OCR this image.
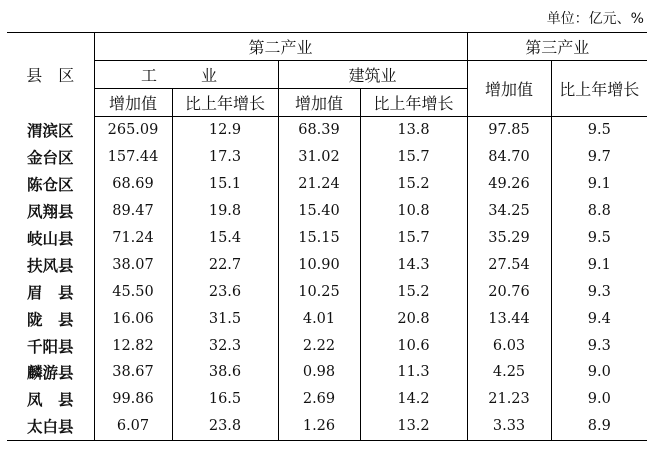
单位：亿元、%
县　区	第二产业				第三产业	
	工　业		建筑业		增加值	比上年增长
	增加值	比上年增长	增加值	比上年增长		
渭滨区	265.09	12.9	68.39	13.8	97.85	9.5
金台区	157.44	17.3	31.02	15.7	84.70	9.7
陈仓区	68.69	15.1	21.24	15.2	49.26	9.1
凤翔县	89.47	19.8	15.40	10.8	34.25	8.8
岐山县	71.24	15.4	15.15	15.7	35.29	9.5
扶风县	38.07	22.7	10.90	14.3	27.54	9.1
眉　县	45.50	23.6	10.25	15.2	20.76	9.3
陇　县	16.06	31.5	4.01	20.8	13.44	9.4
千阳县	12.82	32.3	2.22	10.6	6.03	9.3
麟游县	38.67	38.6	0.98	11.3	4.25	9.0
凤　县	99.86	16.5	2.69	14.2	21.23	9.0
太白县	6.07	23.8	1.26	13.2	3.33	8.9
